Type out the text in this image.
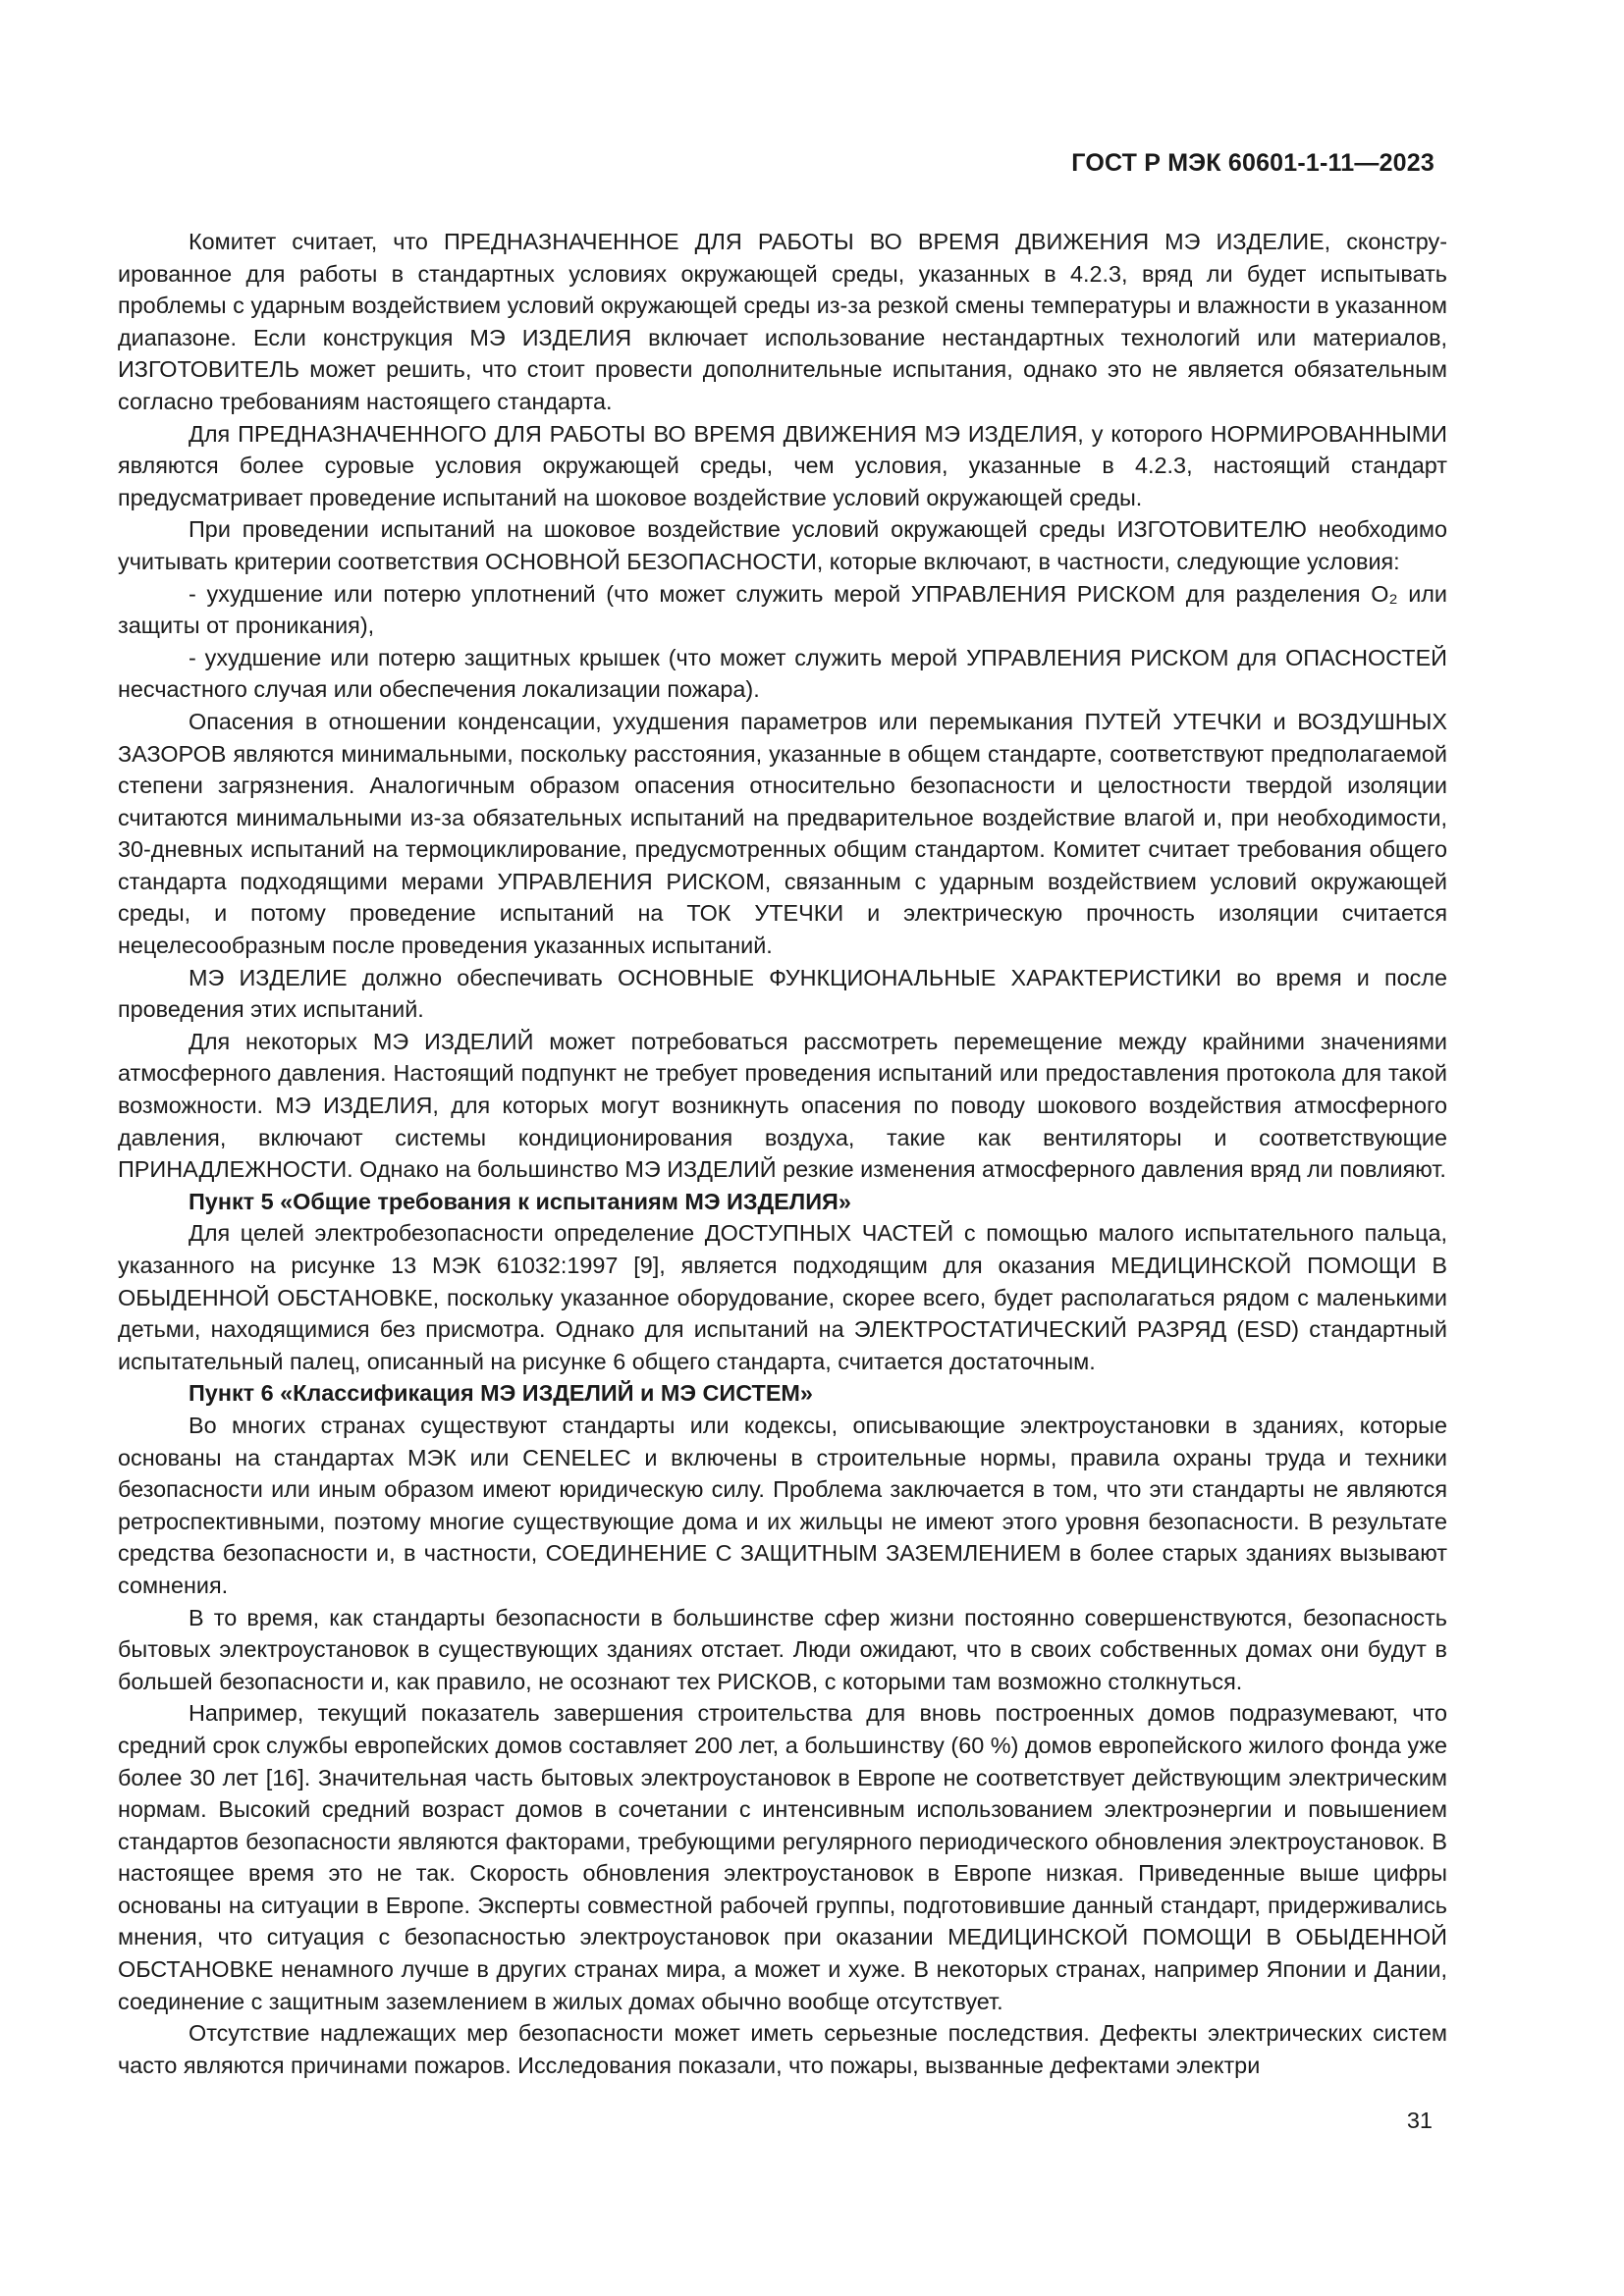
ГОСТ Р МЭК 60601-1-11—2023

Комитет считает, что ПРЕДНАЗНАЧЕННОЕ ДЛЯ РАБОТЫ ВО ВРЕМЯ ДВИЖЕНИЯ МЭ ИЗДЕЛИЕ, сконструированное для работы в стандартных условиях окружающей среды, указанных в 4.2.3, вряд ли будет испытывать проблемы с ударным воздействием условий окружающей среды из-за резкой смены температуры и влажности в указанном диапазоне. Если конструкция МЭ ИЗДЕЛИЯ включает использование нестандартных технологий или материалов, ИЗГОТОВИТЕЛЬ может решить, что стоит провести дополнительные испытания, однако это не является обязательным согласно требованиям настоящего стандарта.

Для ПРЕДНАЗНАЧЕННОГО ДЛЯ РАБОТЫ ВО ВРЕМЯ ДВИЖЕНИЯ МЭ ИЗДЕЛИЯ, у которого НОРМИРОВАННЫМИ являются более суровые условия окружающей среды, чем условия, указанные в 4.2.3, настоящий стандарт предусматривает проведение испытаний на шоковое воздействие условий окружающей среды.

При проведении испытаний на шоковое воздействие условий окружающей среды ИЗГОТОВИТЕЛЮ необходимо учитывать критерии соответствия ОСНОВНОЙ БЕЗОПАСНОСТИ, которые включают, в частности, следующие условия:

- ухудшение или потерю уплотнений (что может служить мерой УПРАВЛЕНИЯ РИСКОМ для разделения O₂ или защиты от проникания),

- ухудшение или потерю защитных крышек (что может служить мерой УПРАВЛЕНИЯ РИСКОМ для ОПАСНОСТЕЙ несчастного случая или обеспечения локализации пожара).

Опасения в отношении конденсации, ухудшения параметров или перемыкания ПУТЕЙ УТЕЧКИ и ВОЗДУШНЫХ ЗАЗОРОВ являются минимальными, поскольку расстояния, указанные в общем стандарте, соответствуют предполагаемой степени загрязнения. Аналогичным образом опасения относительно безопасности и целостности твердой изоляции считаются минимальными из-за обязательных испытаний на предварительное воздействие влагой и, при необходимости, 30-дневных испытаний на термоциклирование, предусмотренных общим стандартом. Комитет считает требования общего стандарта подходящими мерами УПРАВЛЕНИЯ РИСКОМ, связанным с ударным воздействием условий окружающей среды, и потому проведение испытаний на ТОК УТЕЧКИ и электрическую прочность изоляции считается нецелесообразным после проведения указанных испытаний.

МЭ ИЗДЕЛИЕ должно обеспечивать ОСНОВНЫЕ ФУНКЦИОНАЛЬНЫЕ ХАРАКТЕРИСТИКИ во время и после проведения этих испытаний.

Для некоторых МЭ ИЗДЕЛИЙ может потребоваться рассмотреть перемещение между крайними значениями атмосферного давления. Настоящий подпункт не требует проведения испытаний или предоставления протокола для такой возможности. МЭ ИЗДЕЛИЯ, для которых могут возникнуть опасения по поводу шокового воздействия атмосферного давления, включают системы кондиционирования воздуха, такие как вентиляторы и соответствующие ПРИНАДЛЕЖНОСТИ. Однако на большинство МЭ ИЗДЕЛИЙ резкие изменения атмосферного давления вряд ли повлияют.

Пункт 5 «Общие требования к испытаниям МЭ ИЗДЕЛИЯ»

Для целей электробезопасности определение ДОСТУПНЫХ ЧАСТЕЙ с помощью малого испытательного пальца, указанного на рисунке 13 МЭК 61032:1997 [9], является подходящим для оказания МЕДИЦИНСКОЙ ПОМОЩИ В ОБЫДЕННОЙ ОБСТАНОВКЕ, поскольку указанное оборудование, скорее всего, будет располагаться рядом с маленькими детьми, находящимися без присмотра. Однако для испытаний на ЭЛЕКТРОСТАТИЧЕСКИЙ РАЗРЯД (ESD) стандартный испытательный палец, описанный на рисунке 6 общего стандарта, считается достаточным.

Пункт 6 «Классификация МЭ ИЗДЕЛИЙ и МЭ СИСТЕМ»

Во многих странах существуют стандарты или кодексы, описывающие электроустановки в зданиях, которые основаны на стандартах МЭК или CENELEC и включены в строительные нормы, правила охраны труда и техники безопасности или иным образом имеют юридическую силу. Проблема заключается в том, что эти стандарты не являются ретроспективными, поэтому многие существующие дома и их жильцы не имеют этого уровня безопасности. В результате средства безопасности и, в частности, СОЕДИНЕНИЕ С ЗАЩИТНЫМ ЗАЗЕМЛЕНИЕМ в более старых зданиях вызывают сомнения.

В то время, как стандарты безопасности в большинстве сфер жизни постоянно совершенствуются, безопасность бытовых электроустановок в существующих зданиях отстает. Люди ожидают, что в своих собственных домах они будут в большей безопасности и, как правило, не осознают тех РИСКОВ, с которыми там возможно столкнуться.

Например, текущий показатель завершения строительства для вновь построенных домов подразумевают, что средний срок службы европейских домов составляет 200 лет, а большинству (60 %) домов европейского жилого фонда уже более 30 лет [16]. Значительная часть бытовых электроустановок в Европе не соответствует действующим электрическим нормам. Высокий средний возраст домов в сочетании с интенсивным использованием электроэнергии и повышением стандартов безопасности являются факторами, требующими регулярного периодического обновления электроустановок. В настоящее время это не так. Скорость обновления электроустановок в Европе низкая. Приведенные выше цифры основаны на ситуации в Европе. Эксперты совместной рабочей группы, подготовившие данный стандарт, придерживались мнения, что ситуация с безопасностью электроустановок при оказании МЕДИЦИНСКОЙ ПОМОЩИ В ОБЫДЕННОЙ ОБСТАНОВКЕ ненамного лучше в других странах мира, а может и хуже. В некоторых странах, например Японии и Дании, соединение с защитным заземлением в жилых домах обычно вообще отсутствует.

Отсутствие надлежащих мер безопасности может иметь серьезные последствия. Дефекты электрических систем часто являются причинами пожаров. Исследования показали, что пожары, вызванные дефектами электри

31
